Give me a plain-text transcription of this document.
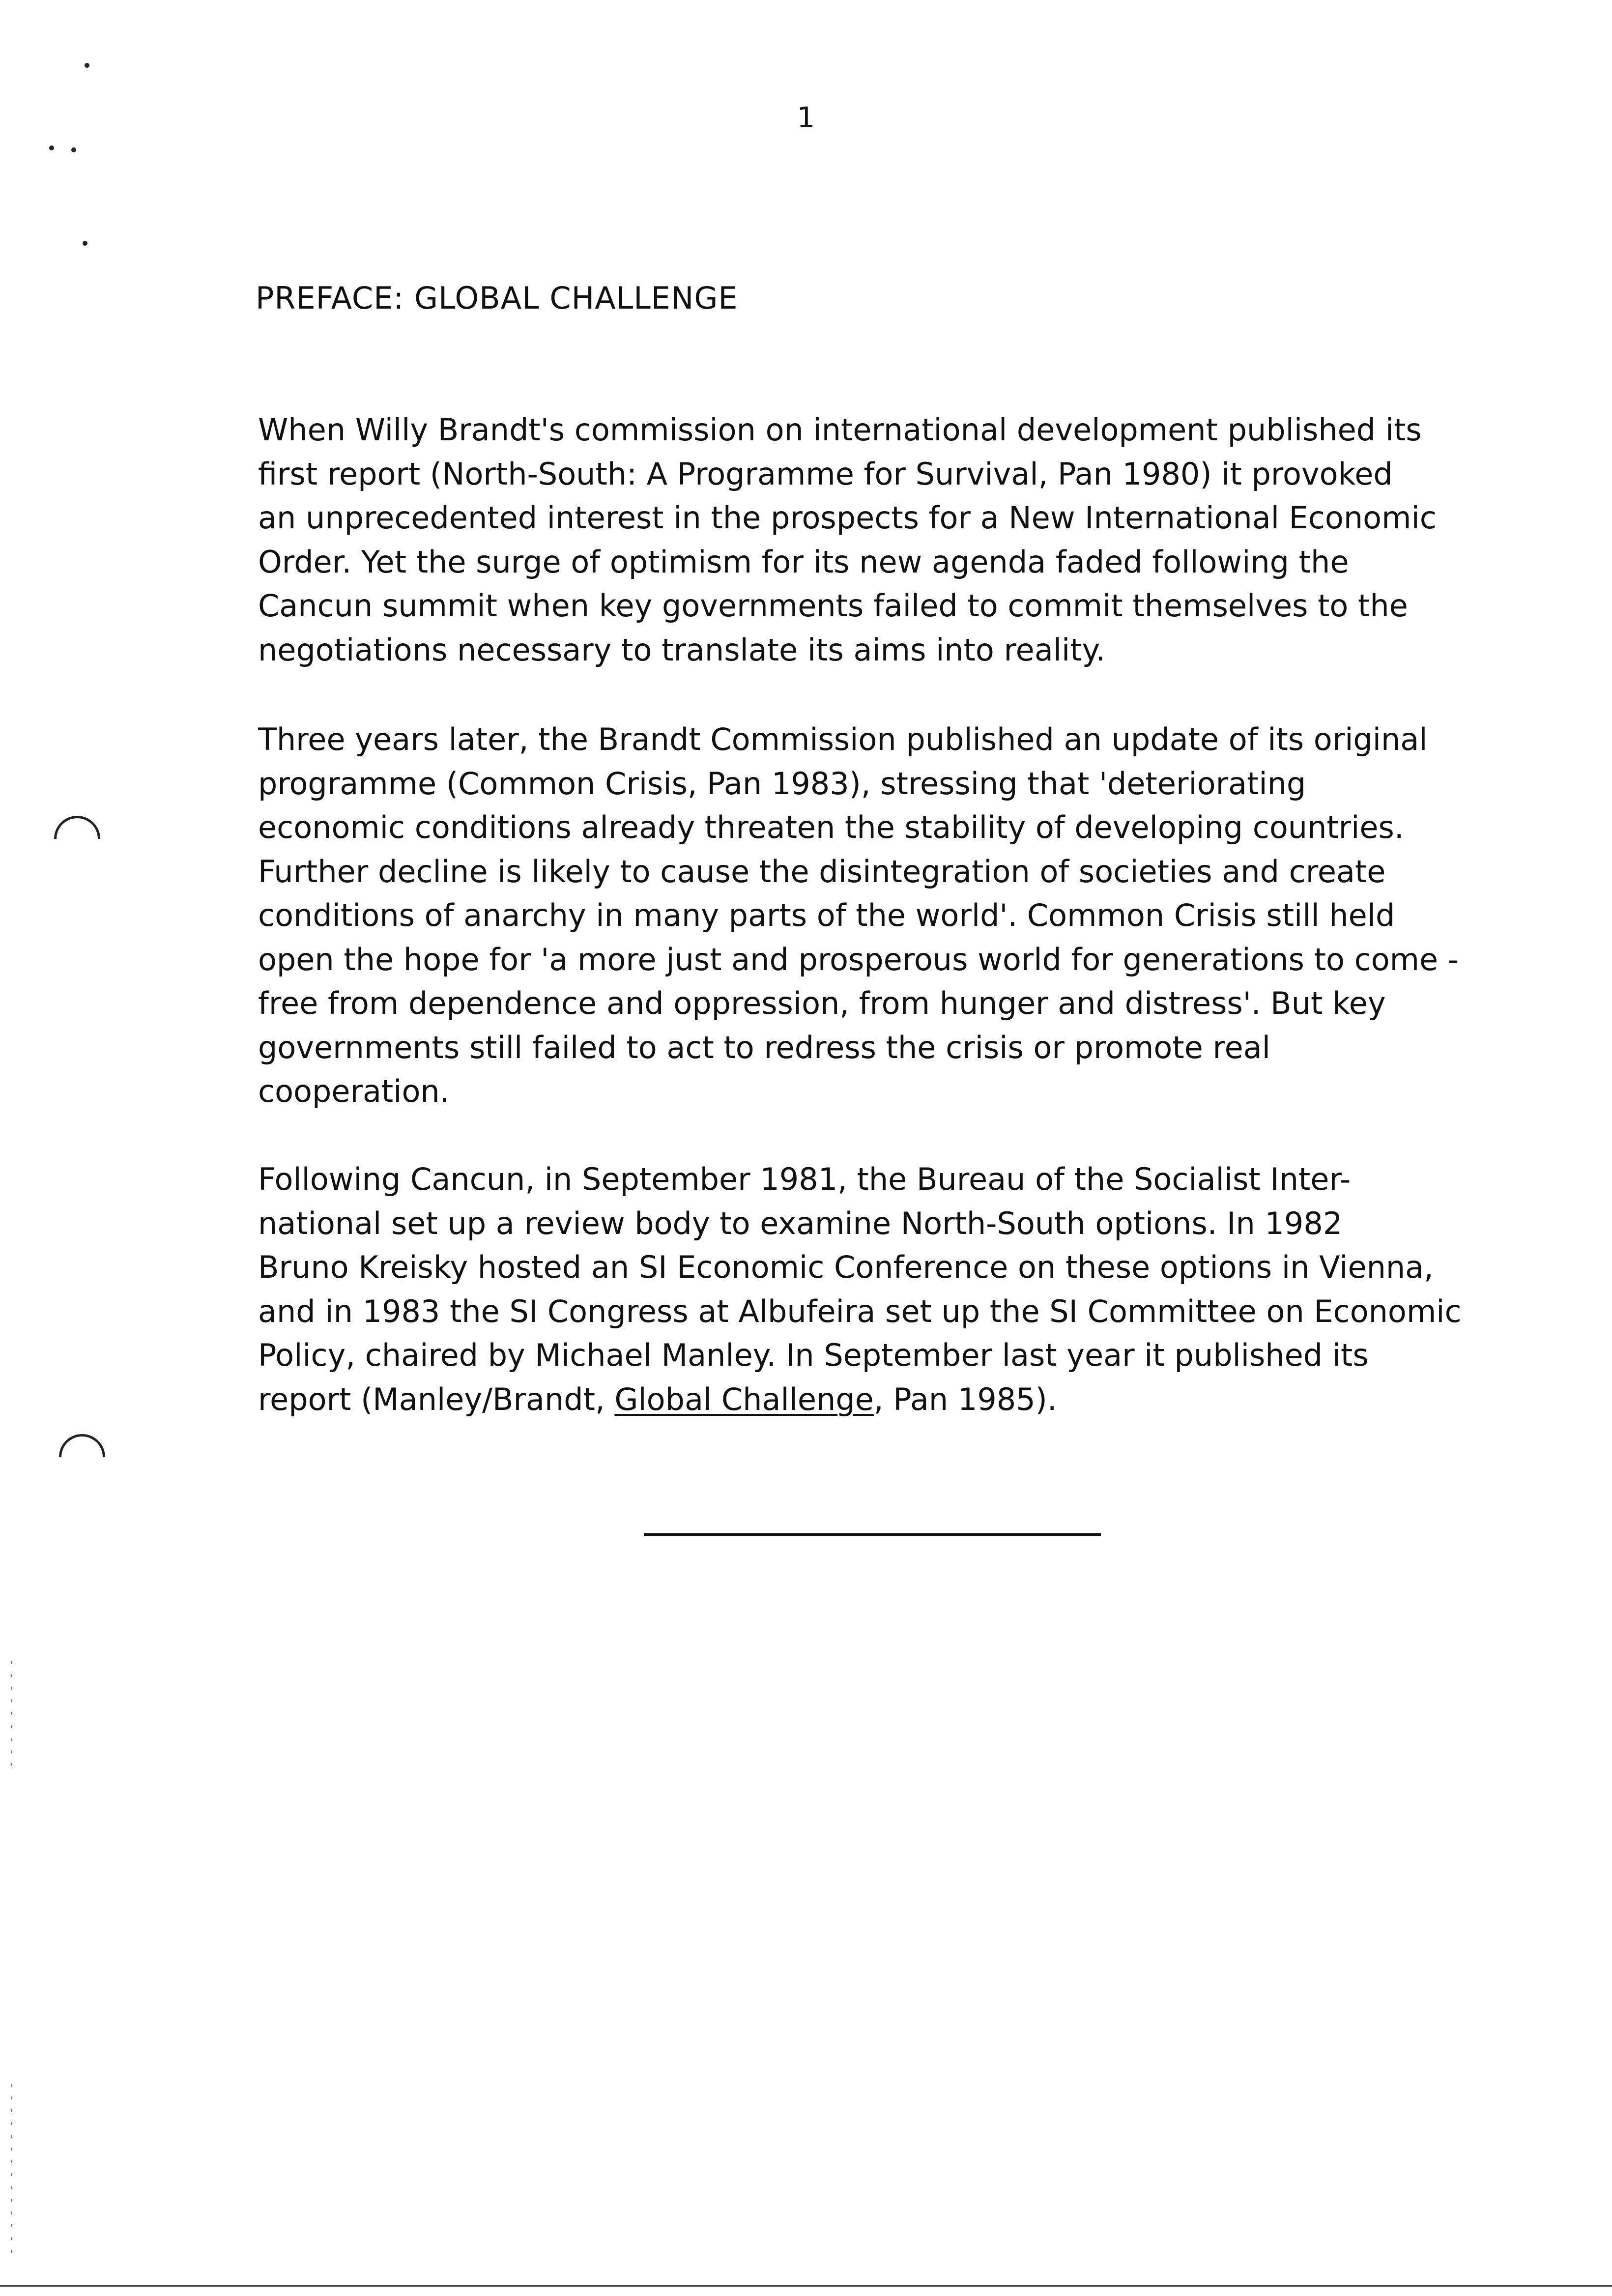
1
PREFACE: GLOBAL CHALLENGE
When Willy Brandt's commission on international development published its
first report (North-South: A Programme for Survival, Pan 1980) it provoked
an unprecedented interest in the prospects for a New International Economic
Order. Yet the surge of optimism for its new agenda faded following the
Cancun summit when key governments failed to commit themselves to the
negotiations necessary to translate its aims into reality.
Three years later, the Brandt Commission published an update of its original
programme (Common Crisis, Pan 1983), stressing that 'deteriorating
economic conditions already threaten the stability of developing countries.
Further decline is likely to cause the disintegration of societies and create
conditions of anarchy in many parts of the world'. Common Crisis still held
open the hope for 'a more just and prosperous world for generations to come -
free from dependence and oppression, from hunger and distress'. But key
governments still failed to act to redress the crisis or promote real
cooperation.
Following Cancun, in September 1981, the Bureau of the Socialist Inter-
national set up a review body to examine North-South options. In 1982
Bruno Kreisky hosted an SI Economic Conference on these options in Vienna,
and in 1983 the SI Congress at Albufeira set up the SI Committee on Economic
Policy, chaired by Michael Manley. In September last year it published its
report (Manley/Brandt, Global Challenge, Pan 1985).
